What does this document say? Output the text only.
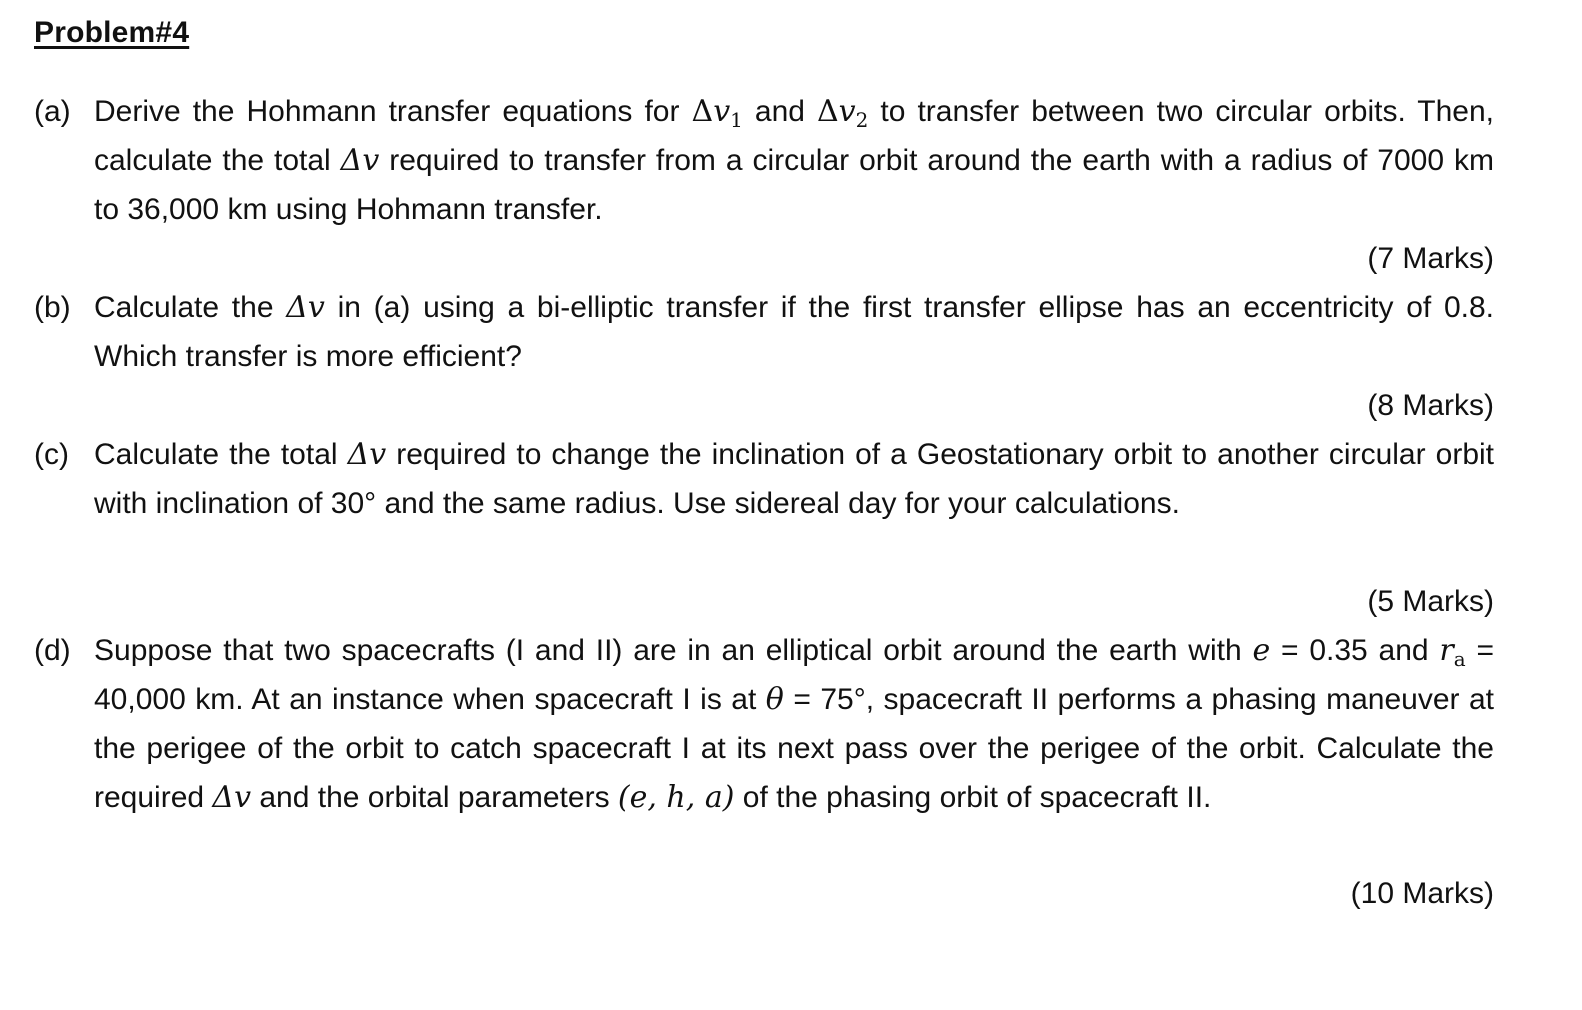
Problem#4
(a) Derive the Hohmann transfer equations for $\Delta v_1$ and $\Delta v_2$ to transfer between two circular orbits. Then, calculate the total Δv required to transfer from a circular orbit around the earth with a radius of 7000 km to 36,000 km using Hohmann transfer.
(7 Marks)
(b) Calculate the Δv in (a) using a bi-elliptic transfer if the first transfer ellipse has an eccentricity of 0.8. Which transfer is more efficient?
(8 Marks)
(c) Calculate the total Δv required to change the inclination of a Geostationary orbit to another circular orbit with inclination of 30° and the same radius. Use sidereal day for your calculations.
(5 Marks)
(d) Suppose that two spacecrafts (I and II) are in an elliptical orbit around the earth with e = 0.35 and $r_a = 40,000$ km. At an instance when spacecraft I is at θ = 75°, spacecraft II performs a phasing maneuver at the perigee of the orbit to catch spacecraft I at its next pass over the perigee of the orbit. Calculate the required Δv and the orbital parameters (e, h, a) of the phasing orbit of spacecraft II.
(10 Marks)
